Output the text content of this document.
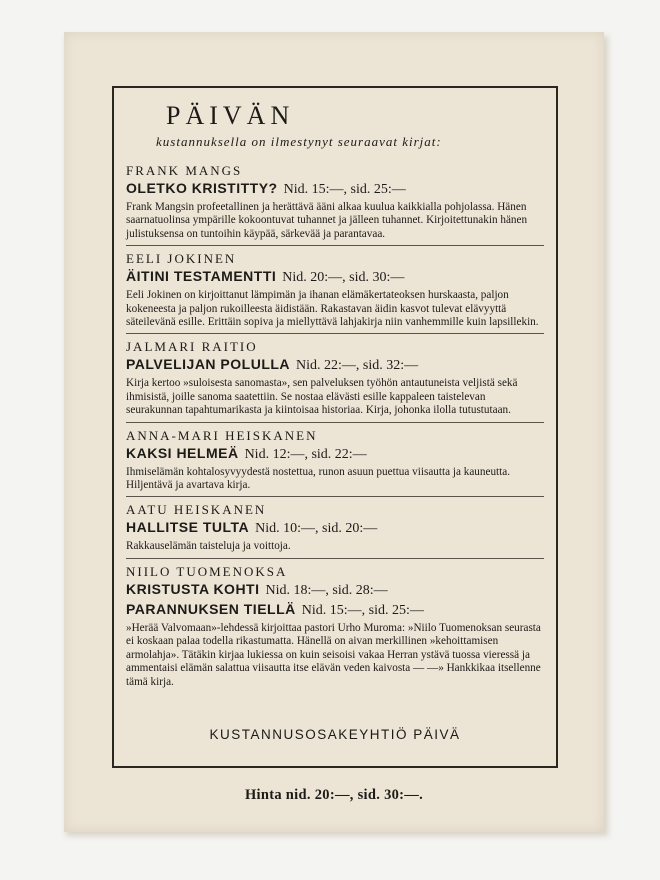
PÄIVÄN
kustannuksella on ilmestynyt seuraavat kirjat:
FRANK MANGS
OLETKO KRISTITTY? Nid. 15:—, sid. 25:—
Frank Mangsin profeetallinen ja herättävä ääni alkaa kuulua kaikkialla pohjolassa. Hänen saarnatuolinsa ympärille kokoontuvat tuhannet ja jälleen tuhannet. Kirjoitettunakin hänen julistuksensa on tuntoihin käypää, särkevää ja parantavaa.
EELI JOKINEN
ÄITINI TESTAMENTTI Nid. 20:—, sid. 30:—
Eeli Jokinen on kirjoittanut lämpimän ja ihanan elämäkertateoksen hurskaasta, paljon kokeneesta ja paljon rukoilleesta äidistään. Rakastavan äidin kasvot tulevat elävyyttä säteilevänä esille. Erittäin sopiva ja miellyttävä lahjakirja niin vanhemmille kuin lapsillekin.
JALMARI RAITIO
PALVELIJAN POLULLA Nid. 22:—, sid. 32:—
Kirja kertoo »suloisesta sanomasta», sen palveluksen työhön antautuneista veljistä sekä ihmisistä, joille sanoma saatettiin. Se nostaa elävästi esille kappaleen taistelevan seurakunnan tapahtumarikasta ja kiintoisaa historiaa. Kirja, johonka ilolla tutustutaan.
ANNA-MARI HEISKANEN
KAKSI HELMEÄ Nid. 12:—, sid. 22:—
Ihmiselämän kohtalosyvyydestä nostettua, runon asuun puettua viisautta ja kauneutta. Hiljentävä ja avartava kirja.
AATU HEISKANEN
HALLITSE TULTA Nid. 10:—, sid. 20:—
Rakkauselämän taisteluja ja voittoja.
NIILO TUOMENOKSA
KRISTUSTA KOHTI Nid. 18:—, sid. 28:—
PARANNUKSEN TIELLÄ Nid. 15:—, sid. 25:—
»Herää Valvomaan»-lehdessä kirjoittaa pastori Urho Muroma: »Niilo Tuomenoksan seurasta ei koskaan palaa todella rikastumatta. Hänellä on aivan merkillinen »kehoittamisen armolahja». Tätäkin kirjaa lukiessa on kuin seisoisi vakaa Herran ystävä tuossa vieressä ja ammentaisi elämän salattua viisautta itse elävän veden kaivosta — —» Hankkikaa itsellenne tämä kirja.
KUSTANNUSOSAKEYHTIÖ PÄIVÄ
Hinta nid. 20:—, sid. 30:—.
